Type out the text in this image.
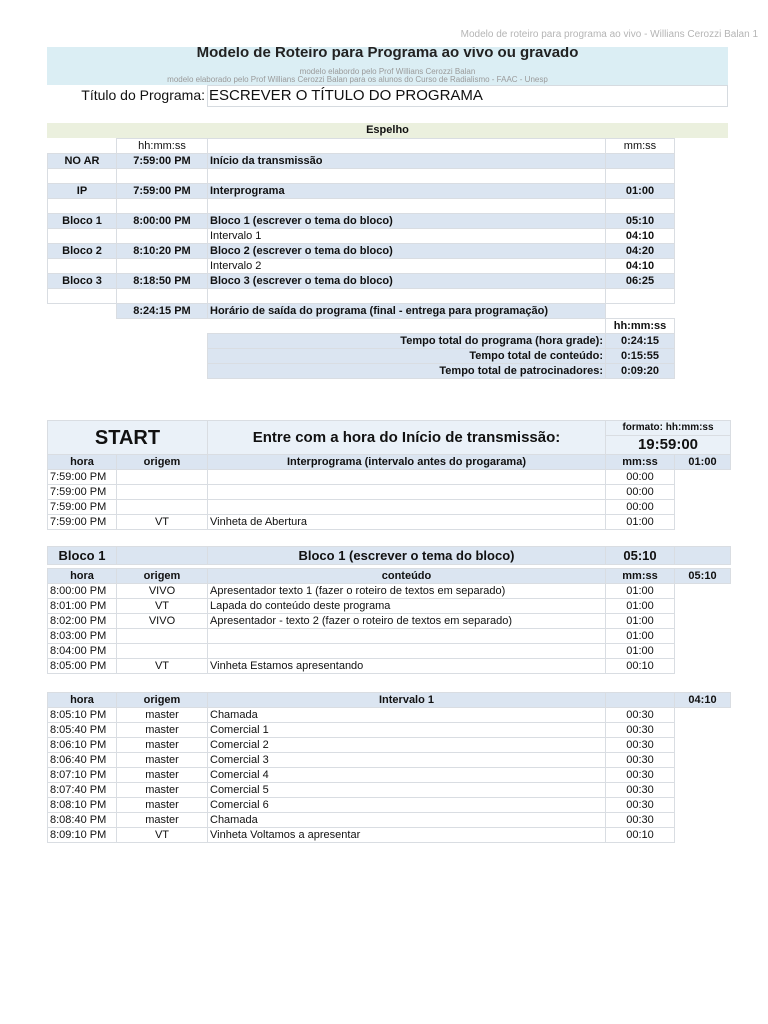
Modelo de roteiro para programa ao vivo - Willians Cerozzi Balan 1
Modelo de Roteiro para Programa ao vivo ou gravado
modelo elabordo pelo Prof Willians Cerozzi Balan
modelo elaborado pelo Prof Willians Cerozzi Balan para os alunos do Curso de Radialismo - FAAC - Unesp
Título do Programa: ESCREVER O TÍTULO DO PROGRAMA
Espelho
	hh:mm:ss		mm:ss
NO AR	7:59:00 PM	Início da transmissão	

IP	7:59:00 PM	Interprograma	01:00

Bloco 1	8:00:00 PM	Bloco 1 (escrever o tema do bloco)	05:10
		Intervalo 1	04:10
Bloco 2	8:10:20 PM	Bloco 2 (escrever o tema do bloco)	04:20
		Intervalo 2	04:10
Bloco 3	8:18:50 PM	Bloco 3 (escrever o tema do bloco)	06:25

	8:24:15 PM	Horário de saída do programa (final - entrega para programação)	
			hh:mm:ss
		Tempo total do programa (hora grade):	0:24:15
		Tempo total de conteúdo:	0:15:55
		Tempo total de patrocinadores:	0:09:20
START		Entre com a hora do Início de transmissão:	formato: hh:mm:ss	
			19:59:00	
hora	origem	Interprograma (intervalo antes do progarama)	mm:ss	01:00
7:59:00 PM			00:00	
7:59:00 PM			00:00	
7:59:00 PM			00:00	
7:59:00 PM	VT	Vinheta de Abertura	01:00	
Bloco 1		Bloco 1 (escrever o tema do bloco)	05:10	
hora	origem	conteúdo	mm:ss	05:10
8:00:00 PM	VIVO	Apresentador texto 1 (fazer o roteiro de textos em separado)	01:00	
8:01:00 PM	VT	Lapada do conteúdo deste programa	01:00	
8:02:00 PM	VIVO	Apresentador - texto 2 (fazer o roteiro de textos em separado)	01:00	
8:03:00 PM			01:00	
8:04:00 PM			01:00	
8:05:00 PM	VT	Vinheta Estamos apresentando	00:10	
hora	origem	Intervalo 1		04:10
8:05:10 PM	master	Chamada	00:30	
8:05:40 PM	master	Comercial 1	00:30	
8:06:10 PM	master	Comercial 2	00:30	
8:06:40 PM	master	Comercial 3	00:30	
8:07:10 PM	master	Comercial 4	00:30	
8:07:40 PM	master	Comercial 5	00:30	
8:08:10 PM	master	Comercial 6	00:30	
8:08:40 PM	master	Chamada	00:30	
8:09:10 PM	VT	Vinheta Voltamos a apresentar	00:10	
